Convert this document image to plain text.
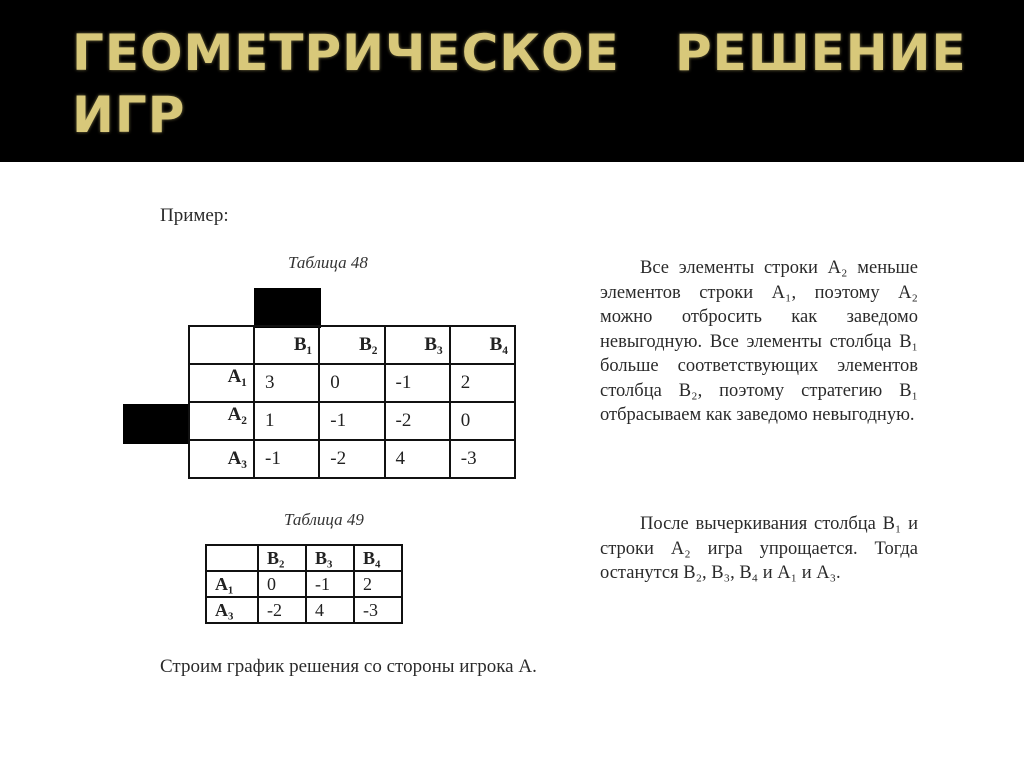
ГЕОМЕТРИЧЕСКОЕ   РЕШЕНИЕ
ИГР
Пример:
Таблица 48
	B₁	B₂	B₃	B₄
A₁	3	0	-1	2
A₂	1	-1	-2	0
A₃	-1	-2	4	-3
Таблица 49
	B₂	B₃	B₄
A₁	0	-1	2
A₃	-2	4	-3

Все элементы строки A₂ меньше элементов строки A₁, поэтому A₂ можно отбросить как заведомо невыгодную. Все элементы столбца B₁ больше соответствующих элементов столбца B₂, поэтому стратегию B₁ отбрасываем как заведомо невыгодную.

После вычеркивания столбца B₁ и строки A₂ игра упрощается. Тогда останутся B₂, B₃, B₄ и A₁ и A₃.

Строим график решения со стороны игрока А.
